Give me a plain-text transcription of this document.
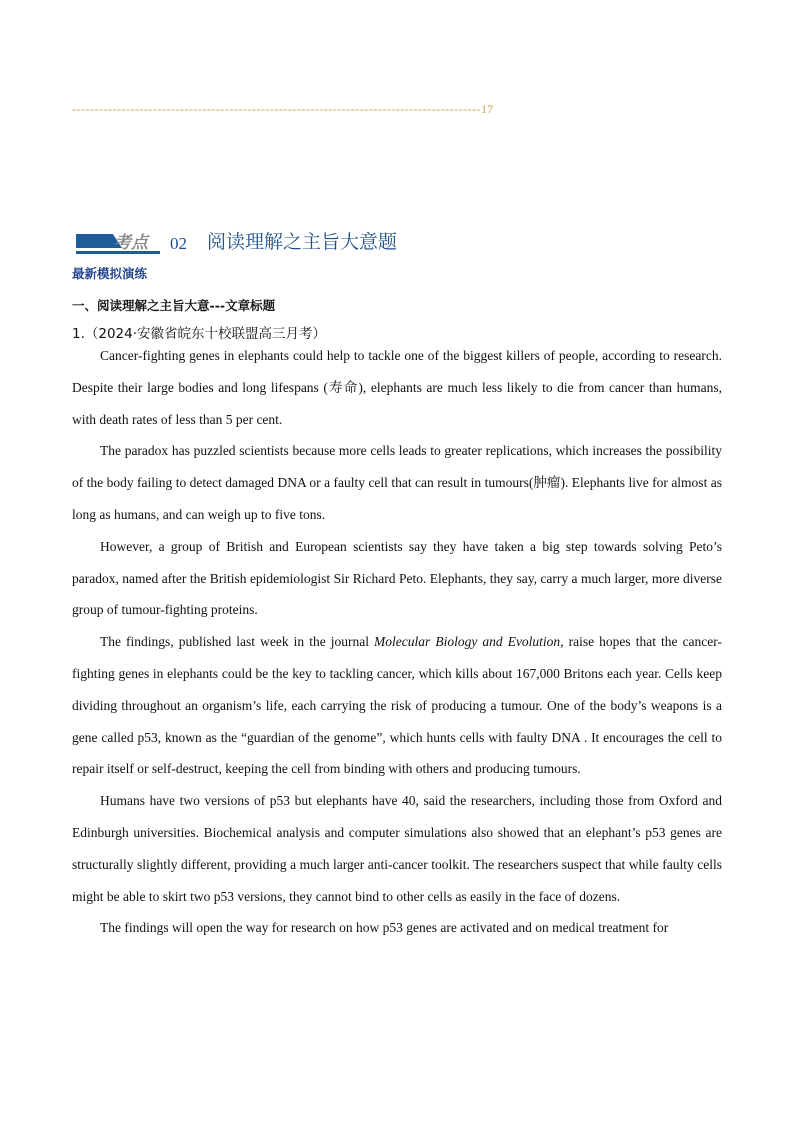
-------------------------------------------------------------------------------------------17
考点 02 阅读理解之主旨大意题
最新模拟演练
一、阅读理解之主旨大意---文章标题
1.（2024·安徽省皖东十校联盟高三月考）

Cancer-fighting genes in elephants could help to tackle one of the biggest killers of people, according to research. Despite their large bodies and long lifespans (寿命), elephants are much less likely to die from cancer than humans, with death rates of less than 5 per cent.

The paradox has puzzled scientists because more cells leads to greater replications, which increases the possibility of the body failing to detect damaged DNA or a faulty cell that can result in tumours(肿瘤). Elephants live for almost as long as humans, and can weigh up to five tons.

However, a group of British and European scientists say they have taken a big step towards solving Peto’s paradox, named after the British epidemiologist Sir Richard Peto. Elephants, they say, carry a much larger, more diverse group of tumour-fighting proteins.

The findings, published last week in the journal Molecular Biology and Evolution, raise hopes that the cancer-fighting genes in elephants could be the key to tackling cancer, which kills about 167,000 Britons each year. Cells keep dividing throughout an organism’s life, each carrying the risk of producing a tumour. One of the body’s weapons is a gene called p53, known as the “guardian of the genome”, which hunts cells with faulty DNA . It encourages the cell to repair itself or self-destruct, keeping the cell from binding with others and producing tumours.

Humans have two versions of p53 but elephants have 40, said the researchers, including those from Oxford and Edinburgh universities. Biochemical analysis and computer simulations also showed that an elephant’s p53 genes are structurally slightly different, providing a much larger anti-cancer toolkit. The researchers suspect that while faulty cells might be able to skirt two p53 versions, they cannot bind to other cells as easily in the face of dozens.

The findings will open the way for research on how p53 genes are activated and on medical treatment for
